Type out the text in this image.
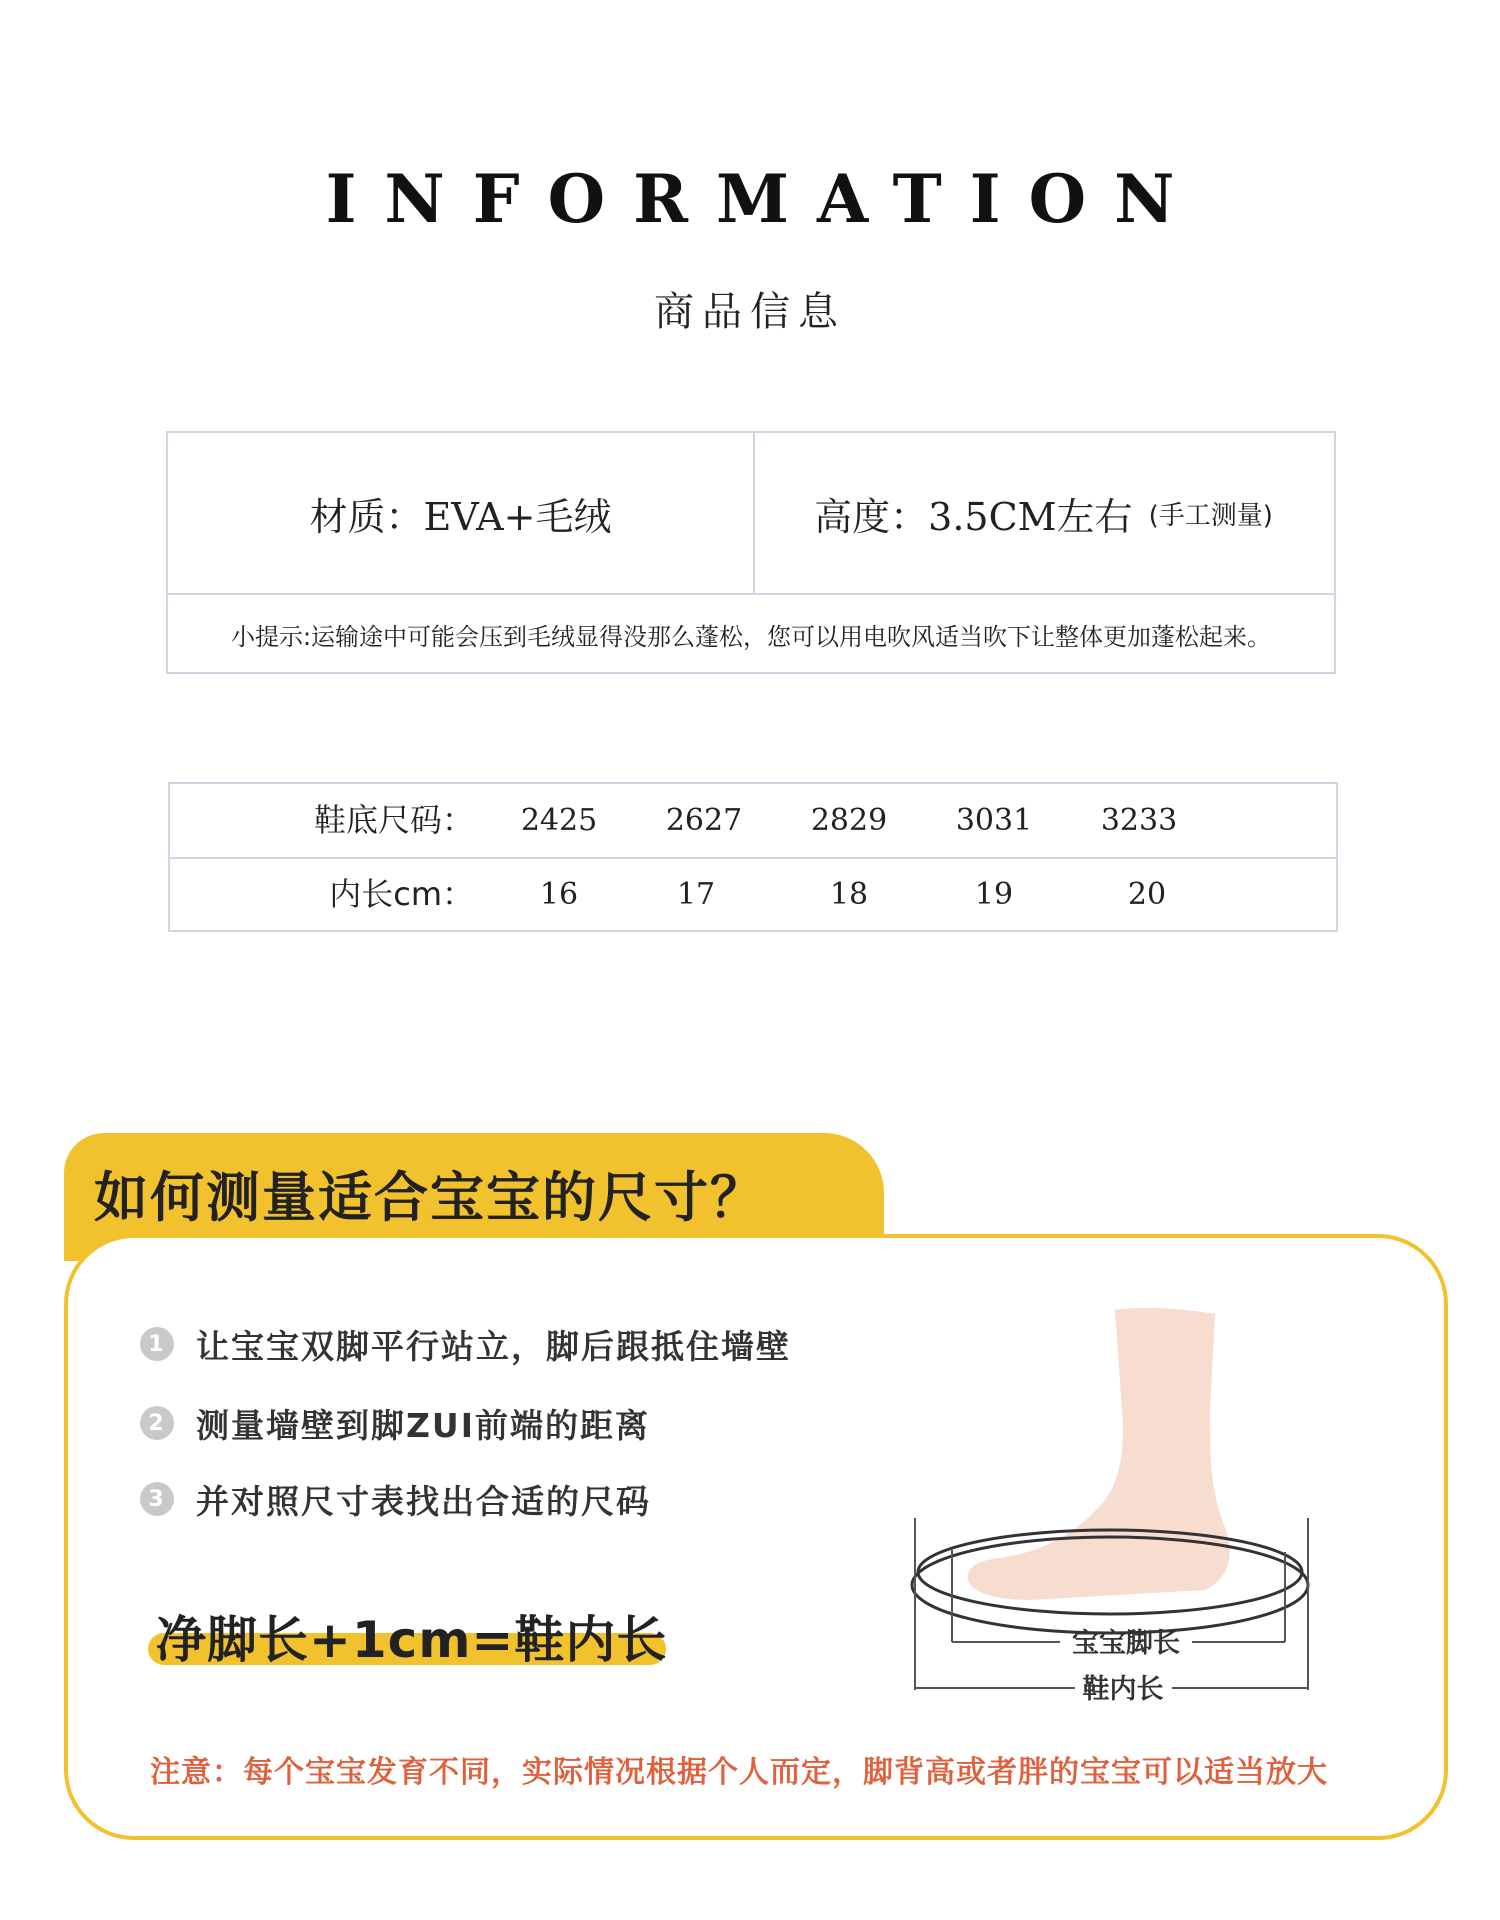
INFORMATION
商品信息
材质： EVA+毛绒	高度： 3.5CM左右 (手工测量)
小提示:运输途中可能会压到毛绒显得没那么蓬松，您可以用电吹风适当吹下让整体更加蓬松起来。
鞋底尺码：	2425	2627	2829	3031	3233
内长cm：	16	17	18	19	20
如何测量适合宝宝的尺寸？
1 让宝宝双脚平行站立，脚后跟抵住墙壁
2 测量墙壁到脚ZUI前端的距离
3 并对照尺寸表找出合适的尺码
净脚长+1cm=鞋内长	宝宝脚长
鞋内长
注意：每个宝宝发育不同，实际情况根据个人而定，脚背高或者胖的宝宝可以适当放大
